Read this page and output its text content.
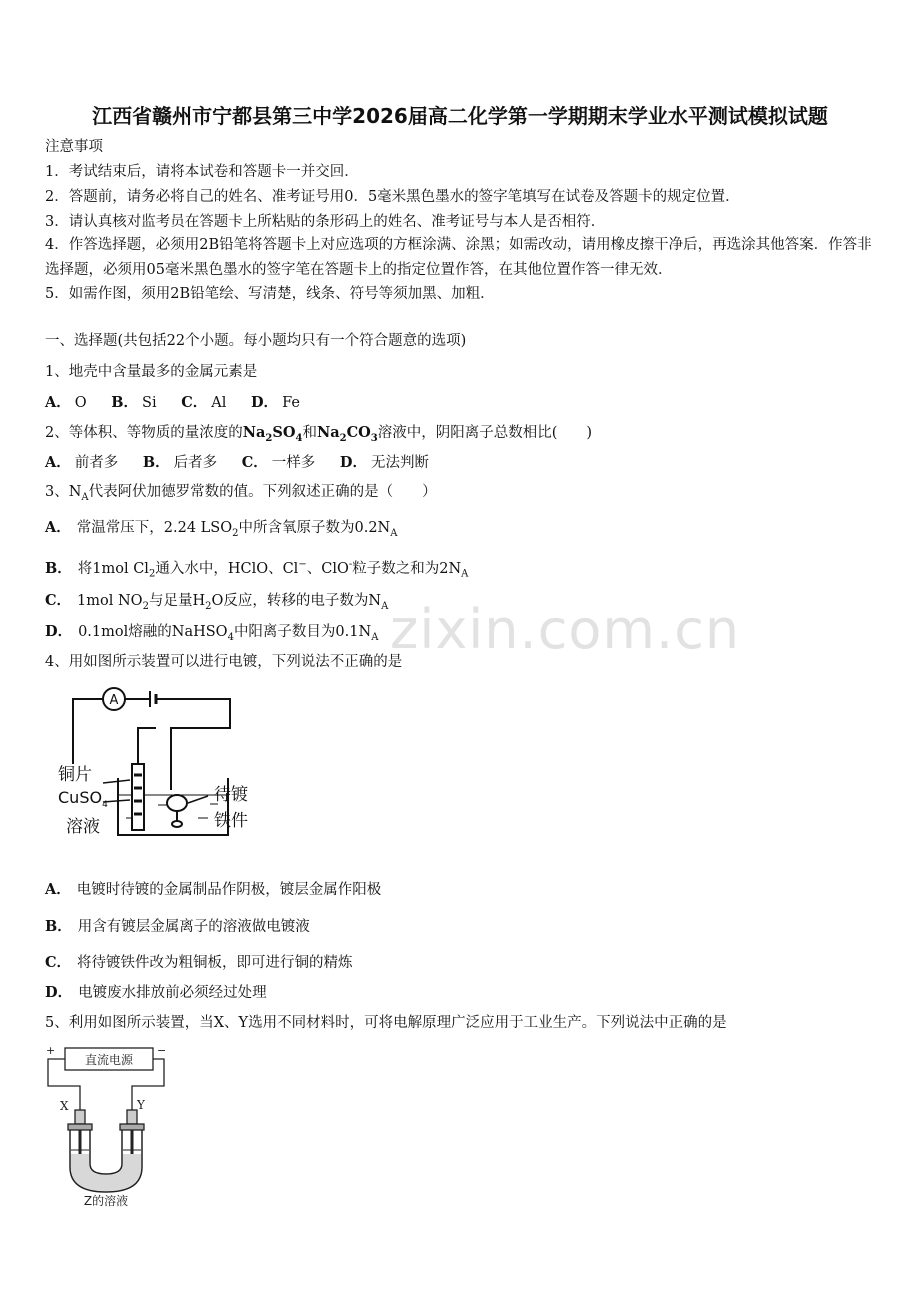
zixin.com.cn
江西省赣州市宁都县第三中学2026届高二化学第一学期期末学业水平测试模拟试题
注意事项
1．考试结束后，请将本试卷和答题卡一并交回．
2．答题前，请务必将自己的姓名、准考证号用0．5毫米黑色墨水的签字笔填写在试卷及答题卡的规定位置．
3．请认真核对监考员在答题卡上所粘贴的条形码上的姓名、准考证号与本人是否相符．
4．作答选择题，必须用2B铅笔将答题卡上对应选项的方框涂满、涂黑；如需改动，请用橡皮擦干净后，再选涂其他答案．作答非选择题，必须用05毫米黑色墨水的签字笔在答题卡上的指定位置作答，在其他位置作答一律无效．
5．如需作图，须用2B铅笔绘、写清楚，线条、符号等须加黑、加粗．
一、选择题(共包括22个小题。每小题均只有一个符合题意的选项)
1、地壳中含量最多的金属元素是
A． O B． Si C． Al D． Fe
2、等体积、等物质的量浓度的$Na_2SO_4$和$Na_2CO_3$溶液中，阴阳离子总数相比(　　)
A． 前者多 B． 后者多 C． 一样多 D． 无法判断
3、$N_A$代表阿伏加德罗常数的值。下列叙述正确的是（　　）
A． 常温常压下，2.24 $LSO_2$中所含氧原子数为$0.2N_A$
B． 将1mol $Cl_2$通入水中，HClO、Cl−、ClO-粒子数之和为$2N_A$
C． 1mol $NO_2$与足量$H_2O$反应，转移的电子数为$N_A$
D． 0.1mol熔融的NaHSO$_4$中阳离子数目为$0.1N_A$
4、用如图所示装置可以进行电镀，下列说法不正确的是
A
铜片
CuSO$_4$
溶液
待镀
铁件
A． 电镀时待镀的金属制品作阴极，镀层金属作阳极
B． 用含有镀层金属离子的溶液做电镀液
C． 将待镀铁件改为粗铜板，即可进行铜的精炼
D． 电镀废水排放前必须经过处理
5、利用如图所示装置，当X、Y选用不同材料时，可将电解原理广泛应用于工业生产。下列说法中正确的是
+	−
直流电源
X	Y
Z的溶液
